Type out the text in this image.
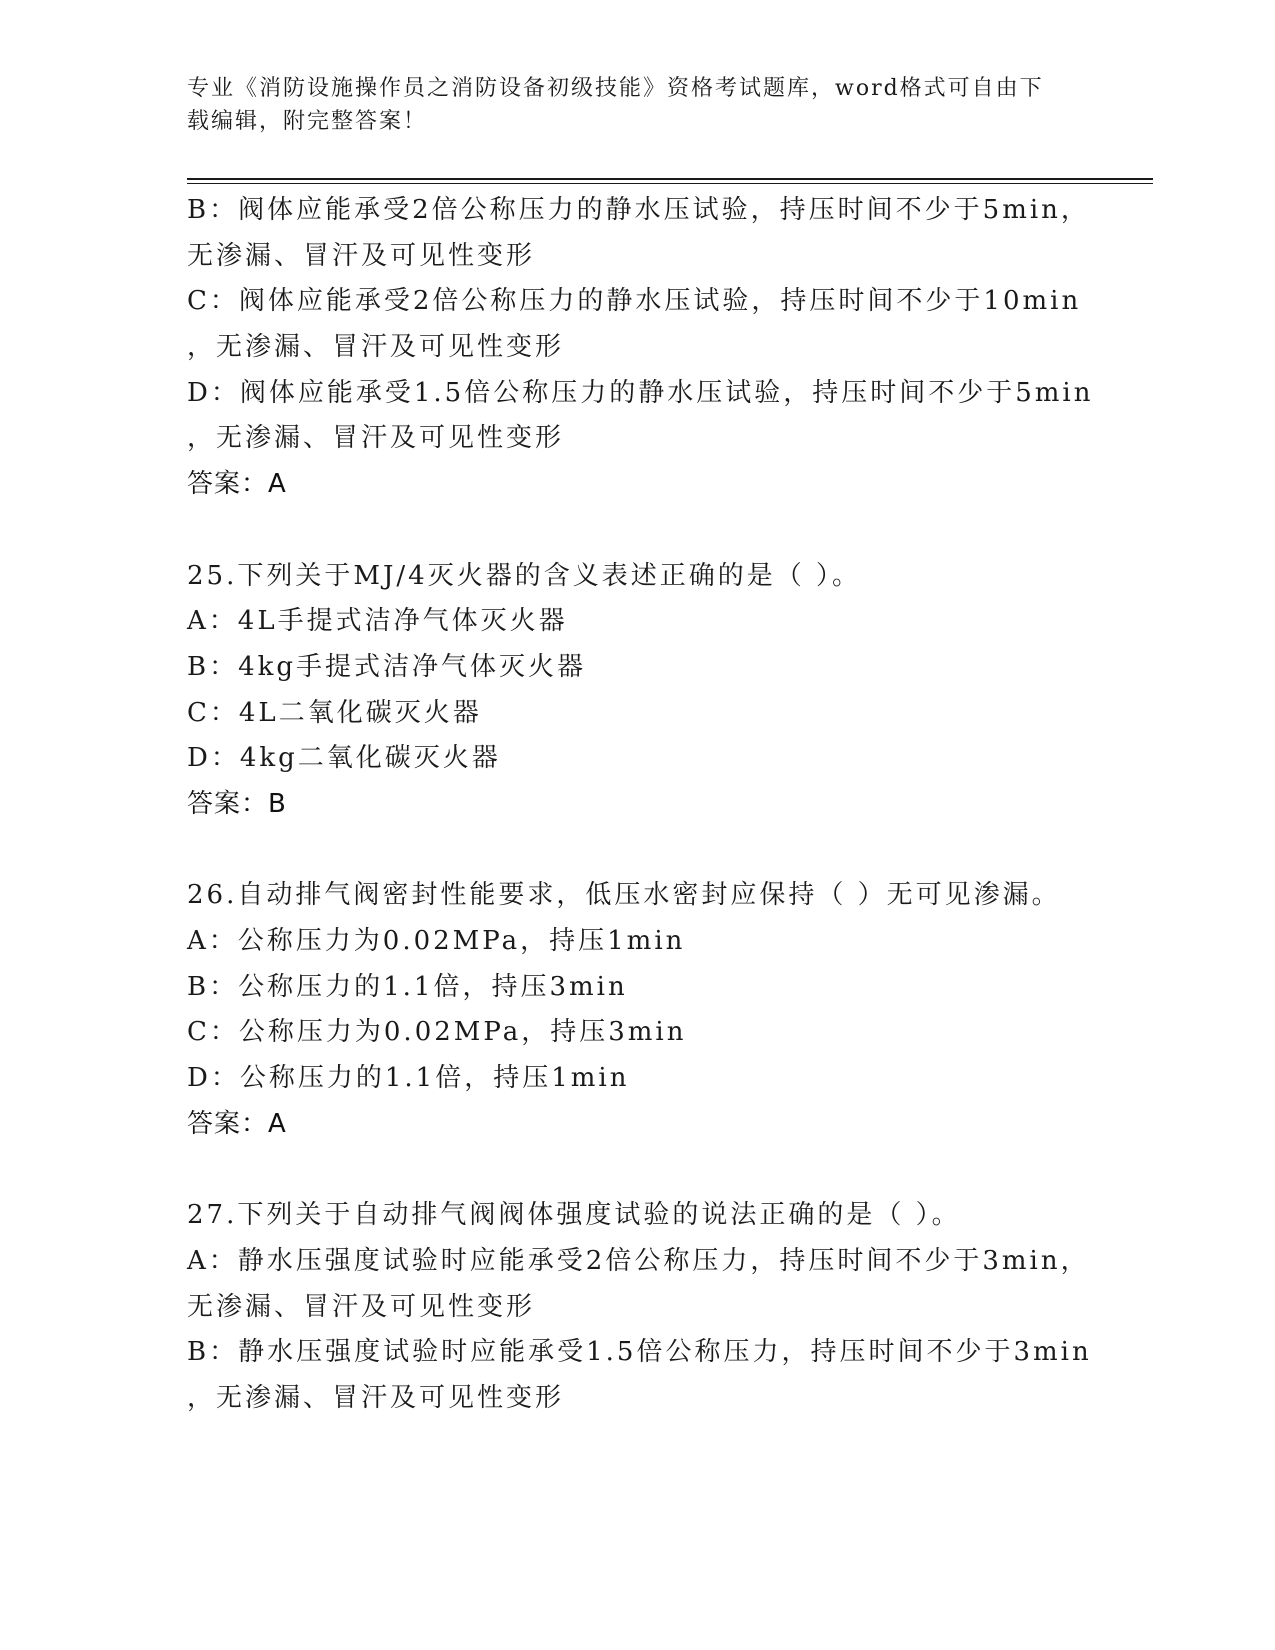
专业《消防设施操作员之消防设备初级技能》资格考试题库，word格式可自由下
载编辑，附完整答案！
B：阀体应能承受2倍公称压力的静水压试验，持压时间不少于5min，
无渗漏、冒汗及可见性变形
C：阀体应能承受2倍公称压力的静水压试验，持压时间不少于10min
，无渗漏、冒汗及可见性变形
D：阀体应能承受1.5倍公称压力的静水压试验，持压时间不少于5min
，无渗漏、冒汗及可见性变形
答案：A
25.下列关于MJ/4灭火器的含义表述正确的是（ ）。
A：4L手提式洁净气体灭火器
B：4kg手提式洁净气体灭火器
C：4L二氧化碳灭火器
D：4kg二氧化碳灭火器
答案：B
26.自动排气阀密封性能要求，低压水密封应保持（ ）无可见渗漏。
A：公称压力为0.02MPa，持压1min
B：公称压力的1.1倍，持压3min
C：公称压力为0.02MPa，持压3min
D：公称压力的1.1倍，持压1min
答案：A
27.下列关于自动排气阀阀体强度试验的说法正确的是（ ）。
A：静水压强度试验时应能承受2倍公称压力，持压时间不少于3min，
无渗漏、冒汗及可见性变形
B：静水压强度试验时应能承受1.5倍公称压力，持压时间不少于3min
，无渗漏、冒汗及可见性变形
